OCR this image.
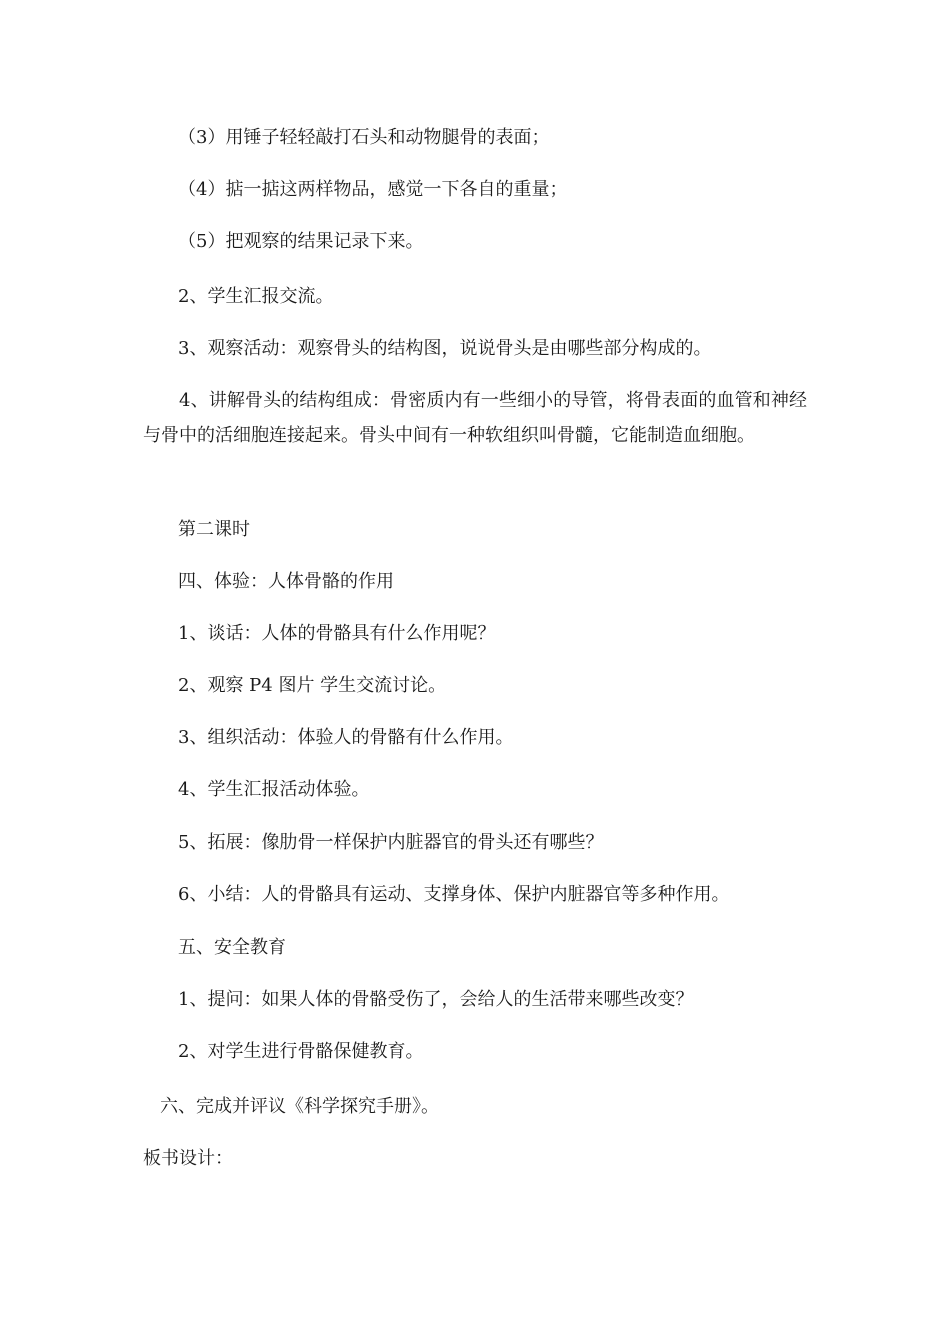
（3）用锤子轻轻敲打石头和动物腿骨的表面；
（4）掂一掂这两样物品，感觉一下各自的重量；
（5）把观察的结果记录下来。
2、学生汇报交流。
3、观察活动：观察骨头的结构图，说说骨头是由哪些部分构成的。
4、讲解骨头的结构组成：骨密质内有一些细小的导管，将骨表面的血管和神经与骨中的活细胞连接起来。骨头中间有一种软组织叫骨髓，它能制造血细胞。
第二课时
四、体验：人体骨骼的作用
1、谈话：人体的骨骼具有什么作用呢？
2、观察 P4 图片 学生交流讨论。
3、组织活动：体验人的骨骼有什么作用。
4、学生汇报活动体验。
5、拓展：像肋骨一样保护内脏器官的骨头还有哪些？
6、小结：人的骨骼具有运动、支撑身体、保护内脏器官等多种作用。
五、安全教育
1、提问：如果人体的骨骼受伤了，会给人的生活带来哪些改变？
2、对学生进行骨骼保健教育。
六、完成并评议《科学探究手册》。
板书设计：
